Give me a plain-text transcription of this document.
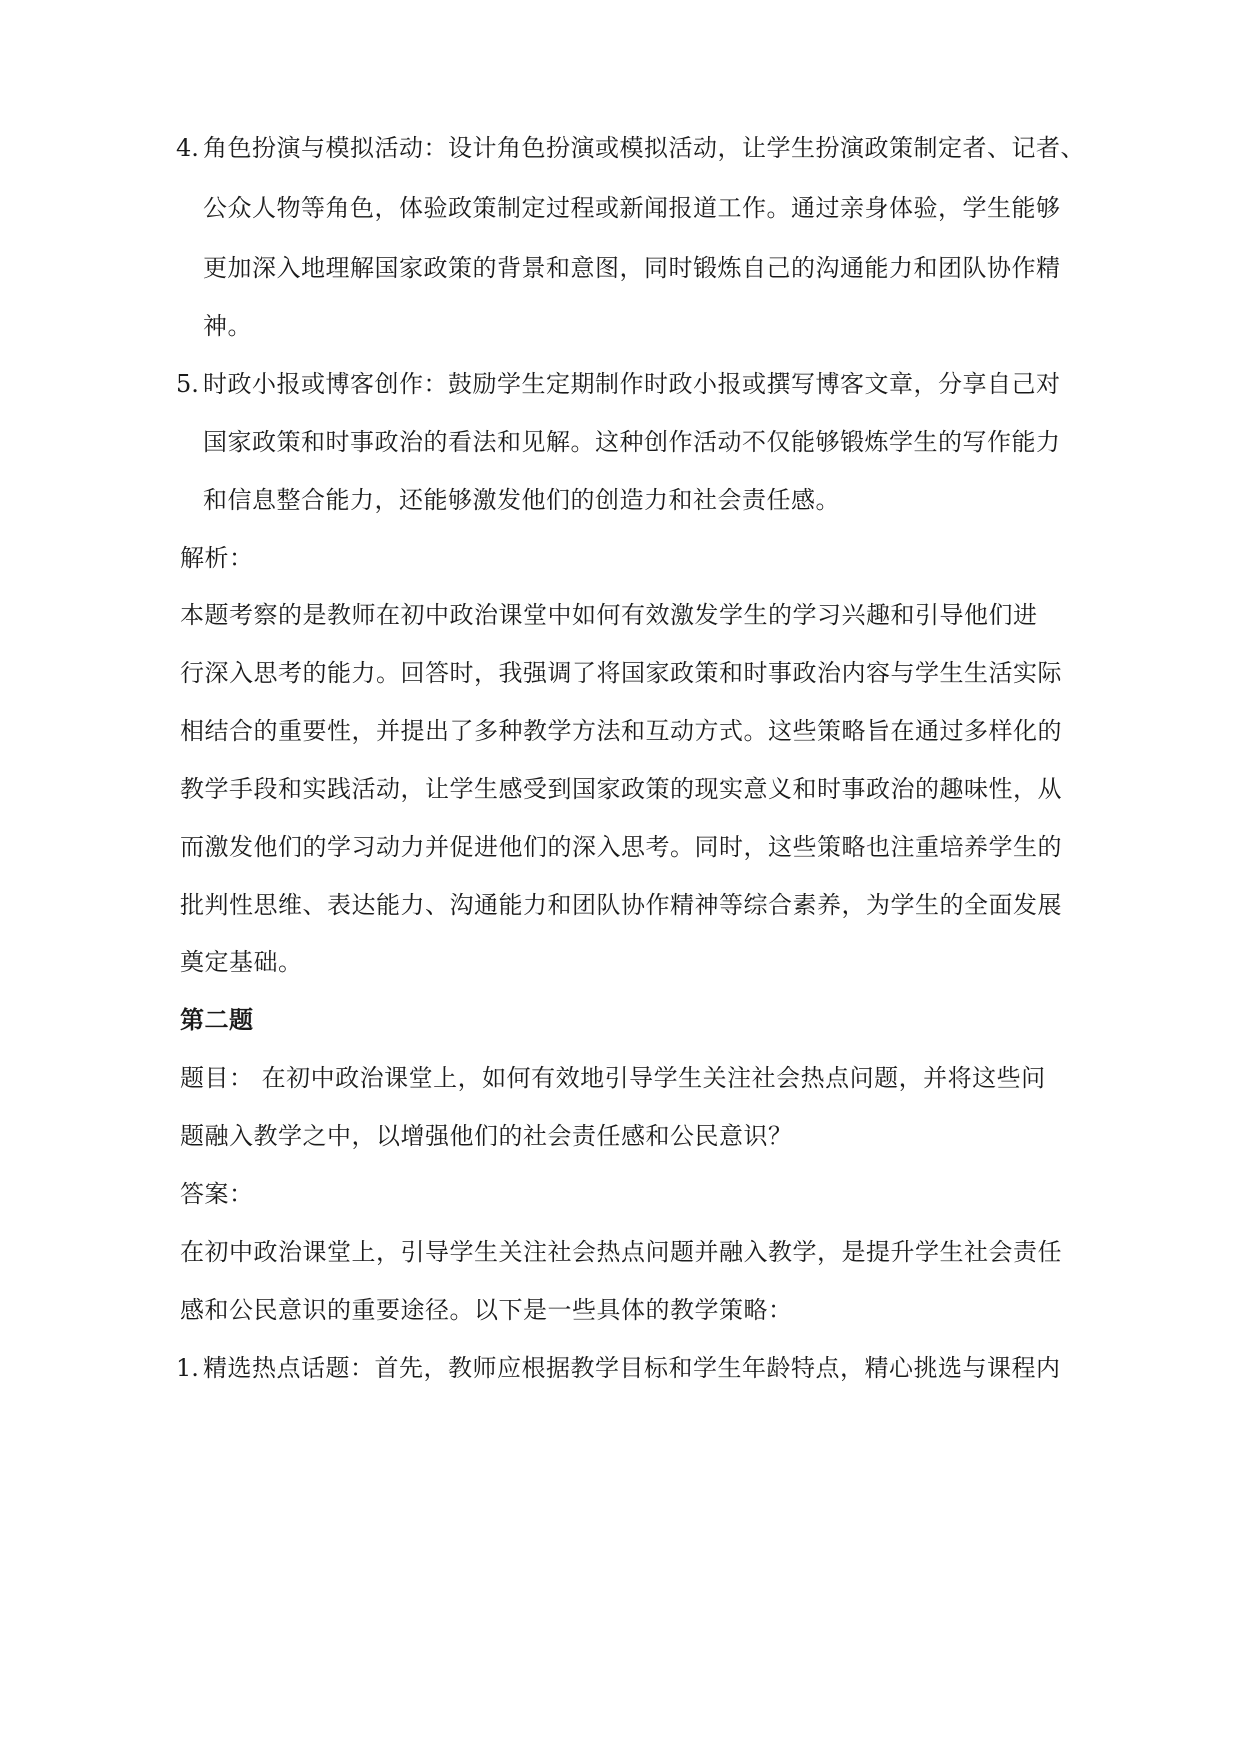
4. 角色扮演与模拟活动：设计角色扮演或模拟活动，让学生扮演政策制定者、记者、
公众人物等角色，体验政策制定过程或新闻报道工作。通过亲身体验，学生能够
更加深入地理解国家政策的背景和意图，同时锻炼自己的沟通能力和团队协作精
神。
5. 时政小报或博客创作：鼓励学生定期制作时政小报或撰写博客文章，分享自己对
国家政策和时事政治的看法和见解。这种创作活动不仅能够锻炼学生的写作能力
和信息整合能力，还能够激发他们的创造力和社会责任感。
解析：
本题考察的是教师在初中政治课堂中如何有效激发学生的学习兴趣和引导他们进
行深入思考的能力。回答时，我强调了将国家政策和时事政治内容与学生生活实际
相结合的重要性，并提出了多种教学方法和互动方式。这些策略旨在通过多样化的
教学手段和实践活动，让学生感受到国家政策的现实意义和时事政治的趣味性，从
而激发他们的学习动力并促进他们的深入思考。同时，这些策略也注重培养学生的
批判性思维、表达能力、沟通能力和团队协作精神等综合素养，为学生的全面发展
奠定基础。
第二题
题目： 在初中政治课堂上，如何有效地引导学生关注社会热点问题，并将这些问
题融入教学之中，以增强他们的社会责任感和公民意识？
答案：
在初中政治课堂上，引导学生关注社会热点问题并融入教学，是提升学生社会责任
感和公民意识的重要途径。以下是一些具体的教学策略：
1. 精选热点话题：首先，教师应根据教学目标和学生年龄特点，精心挑选与课程内
